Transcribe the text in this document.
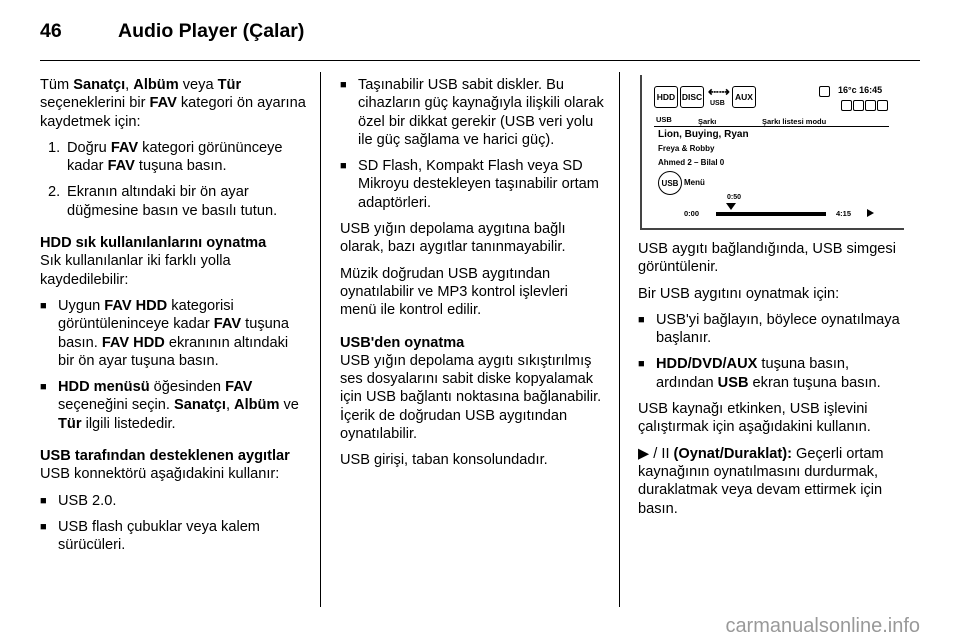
46	Audio Player (Çalar)

Tüm Sanatçı, Albüm veya Tür seçeneklerini bir FAV kategori ön ayarına kaydetmek için:

1. Doğru FAV kategori görününceye kadar FAV tuşuna basın.
2. Ekranın altındaki bir ön ayar düğmesine basın ve basılı tutun.
HDD sık kullanılanlarını oynatma

Sık kullanılanlar iki farklı yolla kaydedilebilir:

■ Uygun FAV HDD kategorisi görüntüleninceye kadar FAV tuşuna basın. FAV HDD ekranının altındaki bir ön ayar tuşuna basın.
■ HDD menüsü öğesinden FAV seçeneğini seçin. Sanatçı, Albüm ve Tür ilgili listededir.
USB tarafından desteklenen aygıtlar

USB konnektörü aşağıdakini kullanır:

■ USB 2.0.
■ USB flash çubuklar veya kalem sürücüleri.
■ Taşınabilir USB sabit diskler. Bu cihazların güç kaynağıyla ilişkili olarak özel bir dikkat gerekir (USB veri yolu ile güç sağlama ve harici güç).
■ SD Flash, Kompakt Flash veya SD Mikroyu destekleyen taşınabilir ortam adaptörleri.

USB yığın depolama aygıtına bağlı olarak, bazı aygıtlar tanınmayabilir.

Müzik doğrudan USB aygıtından oynatılabilir ve MP3 kontrol işlevleri menü ile kontrol edilir.

USB'den oynatma

USB yığın depolama aygıtı sıkıştırılmış ses dosyalarını sabit diske kopyalamak için USB bağlantı noktasına bağlanabilir. İçerik de doğrudan USB aygıtından oynatılabilir.

USB girişi, taban konsolundadır.

HDD DISC ⇠⇢
USB
AUX
16°c 16:45
USB	Şarkı	Şarkı listesi modu
Lion, Buying, Ryan
Freya & Robby
Ahmed 2 – Bilal 0
USB Menü
0:50
0:00	4:15

USB aygıtı bağlandığında, USB simgesi görüntülenir.

Bir USB aygıtını oynatmak için:

■ USB'yi bağlayın, böylece oynatılmaya başlanır.
■ HDD/DVD/AUX tuşuna basın, ardından USB ekran tuşuna basın.

USB kaynağı etkinken, USB işlevini çalıştırmak için aşağıdakini kullanın.

▶ / II (Oynat/Duraklat): Geçerli ortam kaynağının oynatılmasını durdurmak, duraklatmak veya devam ettirmek için basın.

carmanualsonline.info
